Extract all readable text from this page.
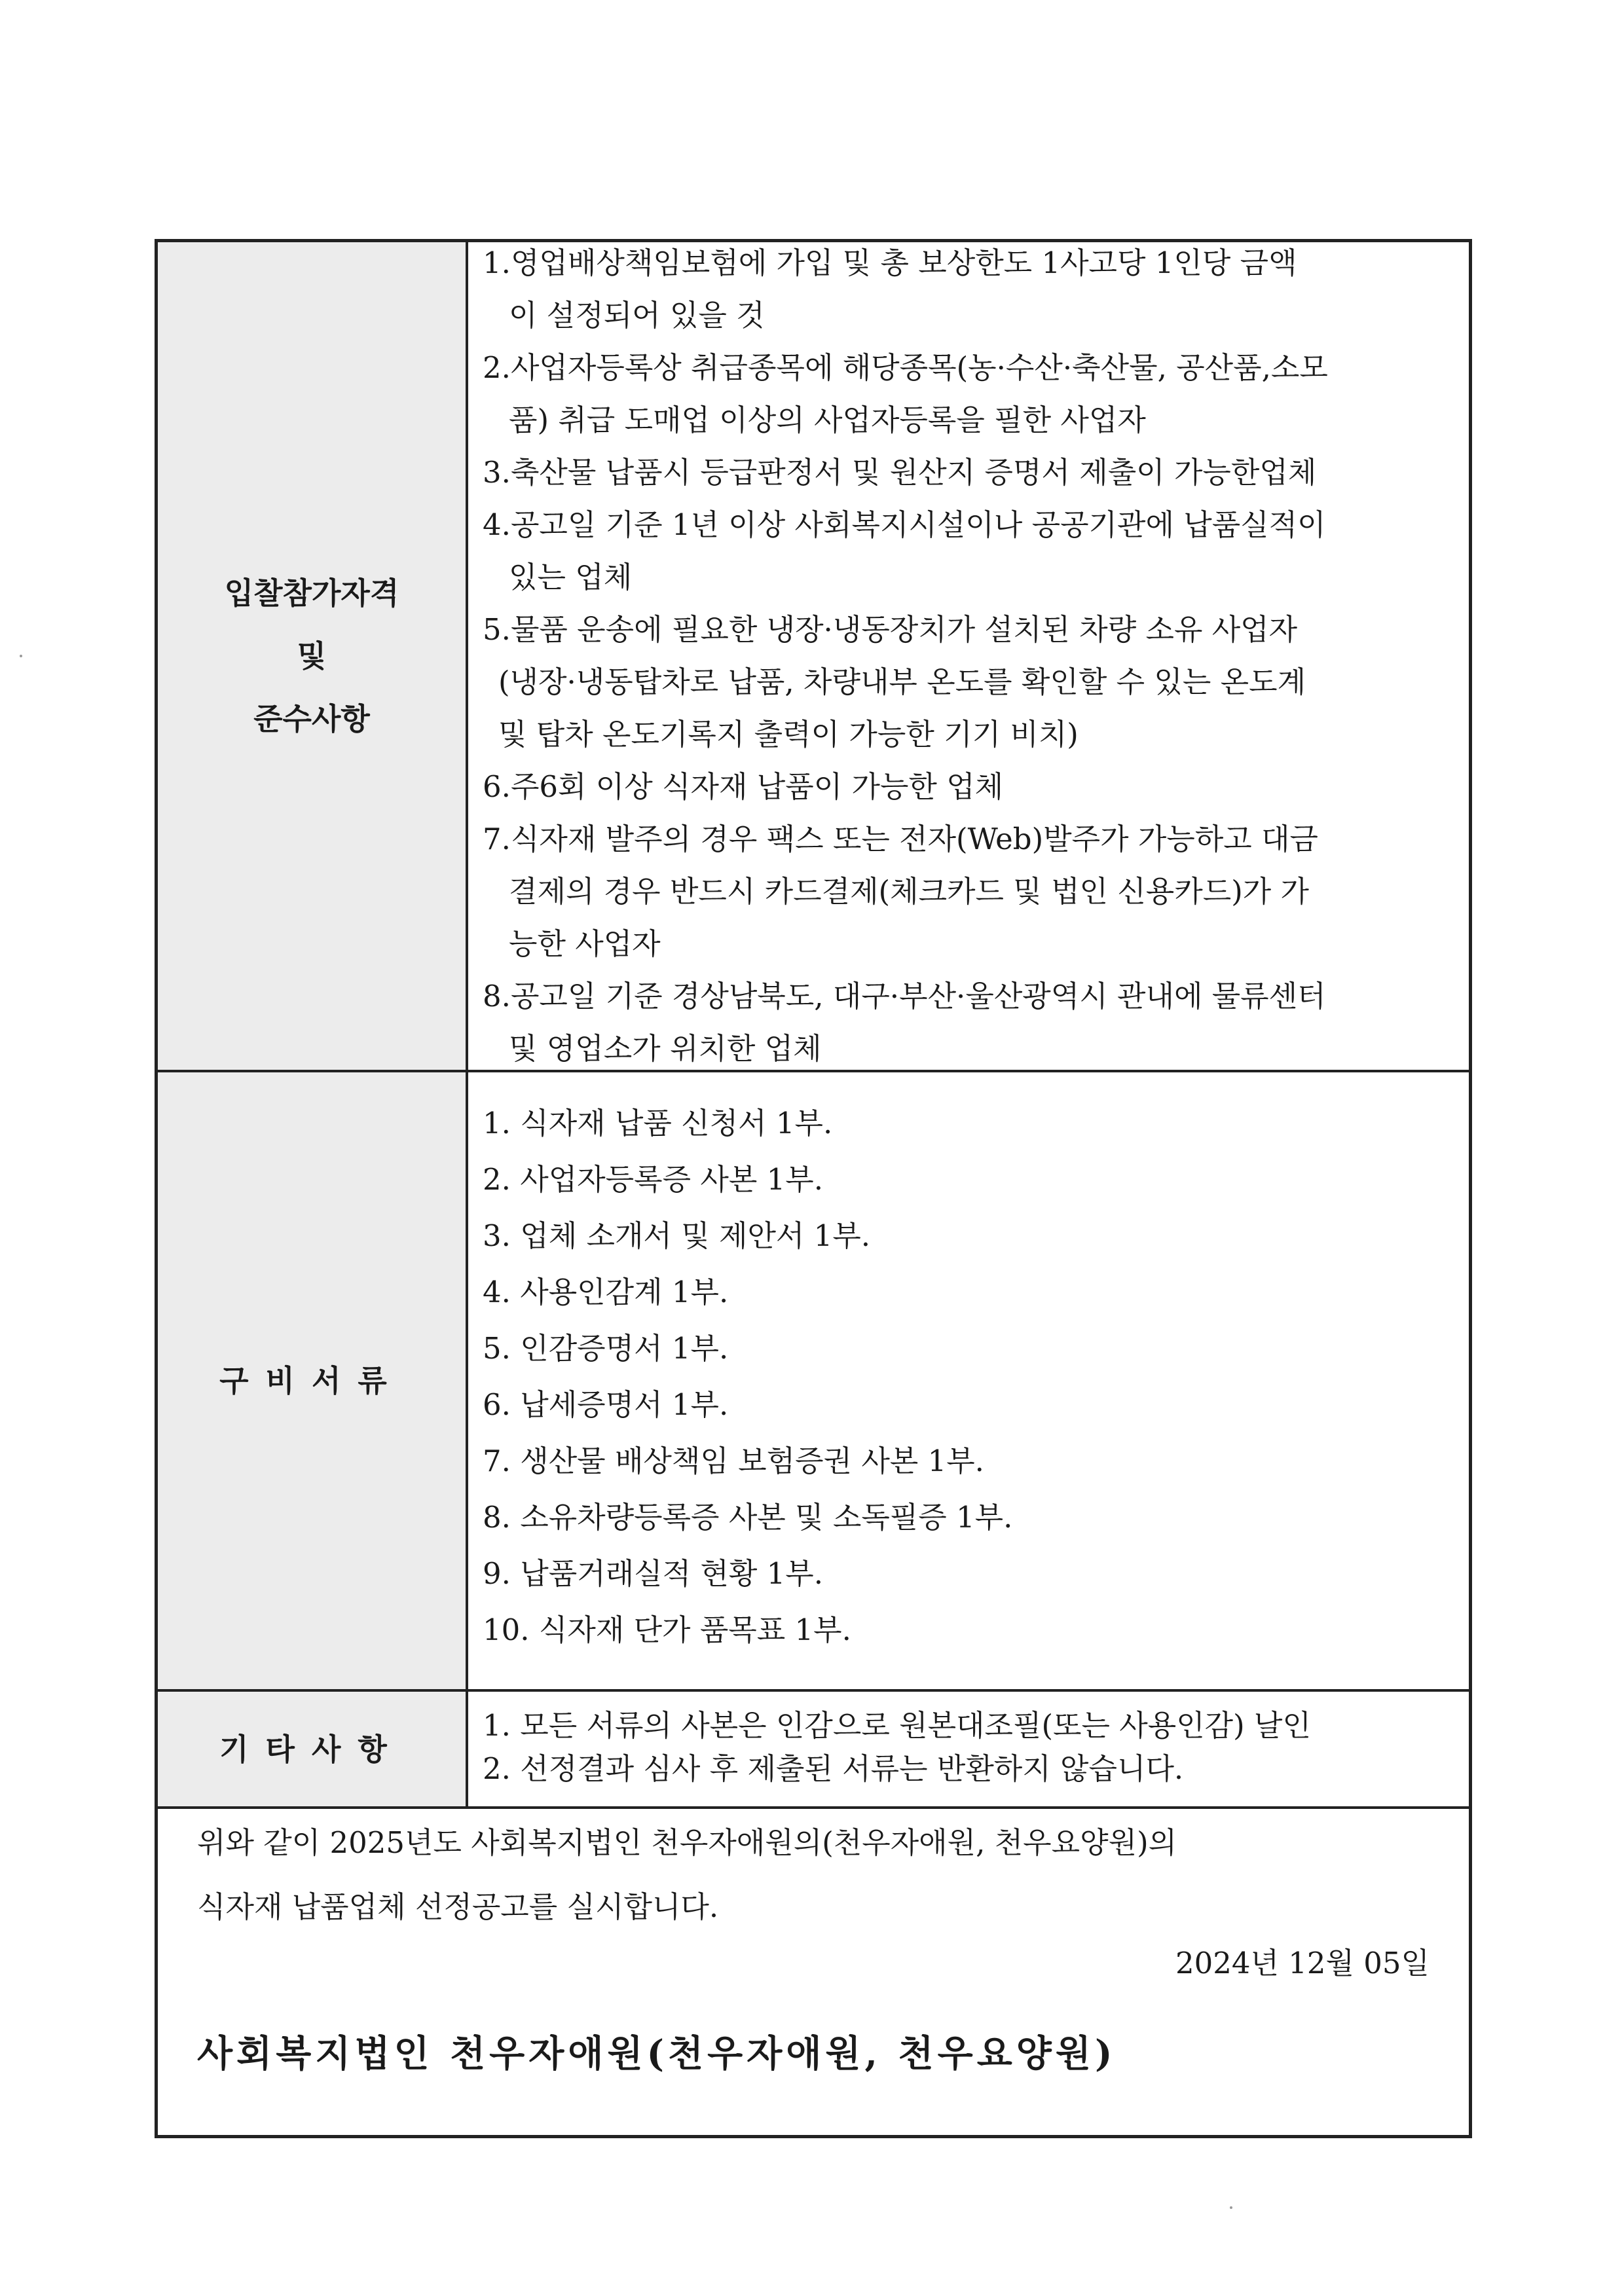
입찰참가자격
및
준수사항
1.영업배상책임보험에 가입 및 총 보상한도 1사고당 1인당 금액
이 설정되어 있을 것
2.사업자등록상 취급종목에 해당종목(농·수산·축산물, 공산품,소모
품) 취급 도매업 이상의 사업자등록을 필한 사업자
3.축산물 납품시 등급판정서 및 원산지 증명서 제출이 가능한업체
4.공고일 기준 1년 이상 사회복지시설이나 공공기관에 납품실적이
있는 업체
5.물품 운송에 필요한 냉장·냉동장치가 설치된 차량 소유 사업자
(냉장·냉동탑차로 납품, 차량내부 온도를 확인할 수 있는 온도계
및 탑차 온도기록지 출력이 가능한 기기 비치)
6.주6회 이상 식자재 납품이 가능한 업체
7.식자재 발주의 경우 팩스 또는 전자(Web)발주가 가능하고 대금
결제의 경우 반드시 카드결제(체크카드 및 법인 신용카드)가 가
능한 사업자
8.공고일 기준 경상남북도, 대구·부산·울산광역시 관내에 물류센터
및 영업소가 위치한 업체
구비서류
1. 식자재 납품 신청서 1부.
2. 사업자등록증 사본 1부.
3. 업체 소개서 및 제안서 1부.
4. 사용인감계 1부.
5. 인감증명서 1부.
6. 납세증명서 1부.
7. 생산물 배상책임 보험증권 사본 1부.
8. 소유차량등록증 사본 및 소독필증 1부.
9. 납품거래실적 현황 1부.
10. 식자재 단가 품목표 1부.
기타사항
1. 모든 서류의 사본은 인감으로 원본대조필(또는 사용인감) 날인
2. 선정결과 심사 후 제출된 서류는 반환하지 않습니다.
위와 같이 2025년도 사회복지법인 천우자애원의(천우자애원, 천우요양원)의
식자재 납품업체 선정공고를 실시합니다.
2024년 12월 05일
사회복지법인 천우자애원(천우자애원, 천우요양원)
